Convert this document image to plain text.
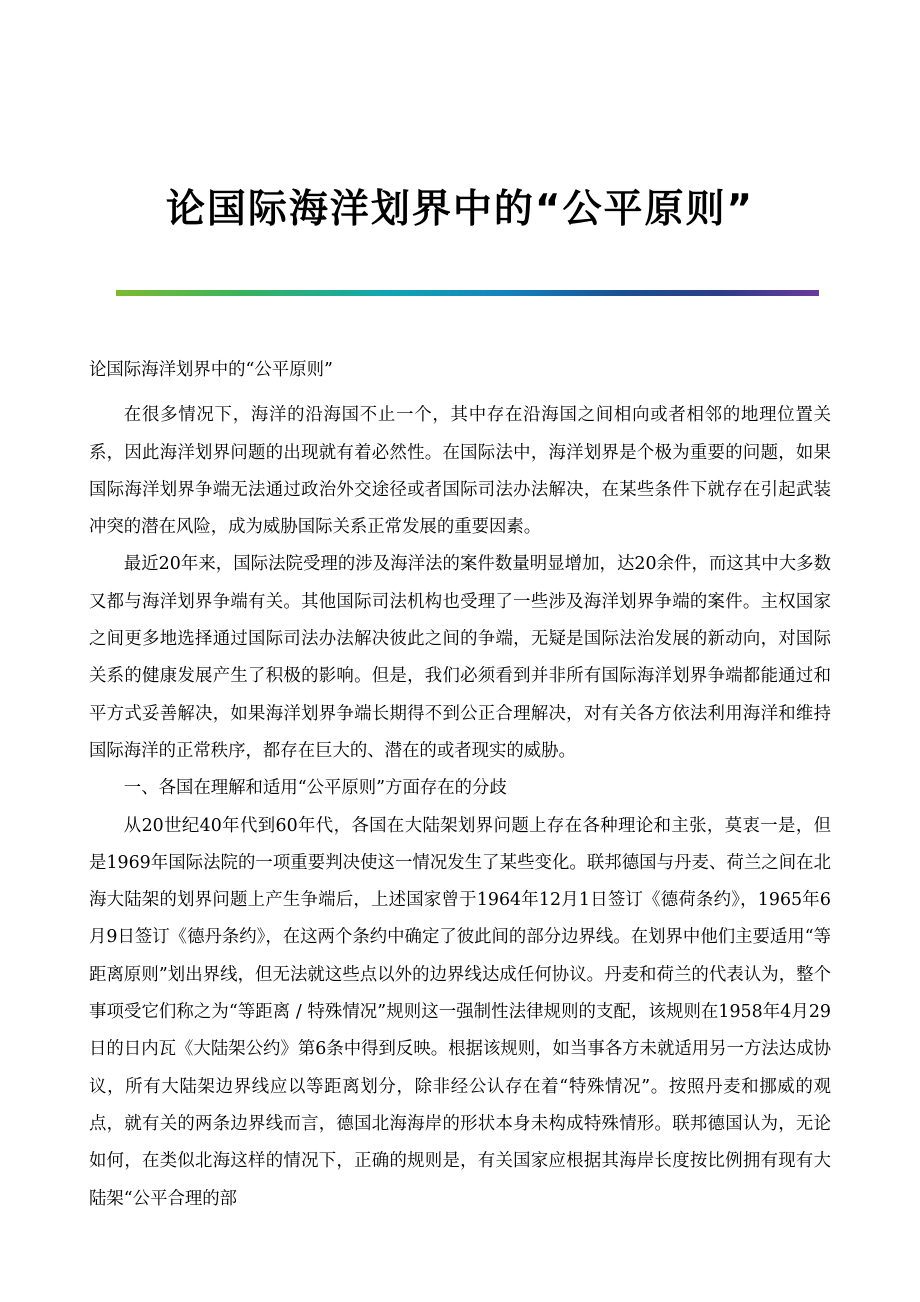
论国际海洋划界中的“公平原则”

论国际海洋划界中的“公平原则”

在很多情况下，海洋的沿海国不止一个，其中存在沿海国之间相向或者相邻的地理位置关系，因此海洋划界问题的出现就有着必然性。在国际法中，海洋划界是个极为重要的问题，如果国际海洋划界争端无法通过政治外交途径或者国际司法办法解决，在某些条件下就存在引起武装冲突的潜在风险，成为威胁国际关系正常发展的重要因素。

最近20年来，国际法院受理的涉及海洋法的案件数量明显增加，达20余件，而这其中大多数又都与海洋划界争端有关。其他国际司法机构也受理了一些涉及海洋划界争端的案件。主权国家之间更多地选择通过国际司法办法解决彼此之间的争端，无疑是国际法治发展的新动向，对国际关系的健康发展产生了积极的影响。但是，我们必须看到并非所有国际海洋划界争端都能通过和平方式妥善解决，如果海洋划界争端长期得不到公正合理解决，对有关各方依法利用海洋和维持国际海洋的正常秩序，都存在巨大的、潜在的或者现实的威胁。

一、各国在理解和适用“公平原则”方面存在的分歧

从20世纪40年代到60年代，各国在大陆架划界问题上存在各种理论和主张，莫衷一是，但是1969年国际法院的一项重要判决使这一情况发生了某些变化。联邦德国与丹麦、荷兰之间在北海大陆架的划界问题上产生争端后，上述国家曾于1964年12月1日签订《德荷条约》，1965年6月9日签订《德丹条约》，在这两个条约中确定了彼此间的部分边界线。在划界中他们主要适用“等距离原则”划出界线，但无法就这些点以外的边界线达成任何协议。丹麦和荷兰的代表认为，整个事项受它们称之为“等距离 / 特殊情况”规则这一强制性法律规则的支配，该规则在1958年4月29日的日内瓦《大陆架公约》第6条中得到反映。根据该规则，如当事各方未就适用另一方法达成协议，所有大陆架边界线应以等距离划分，除非经公认存在着“特殊情况”。按照丹麦和挪威的观点，就有关的两条边界线而言，德国北海海岸的形状本身未构成特殊情形。联邦德国认为，无论如何，在类似北海这样的情况下，正确的规则是，有关国家应根据其海岸长度按比例拥有现有大陆架“公平合理的部
